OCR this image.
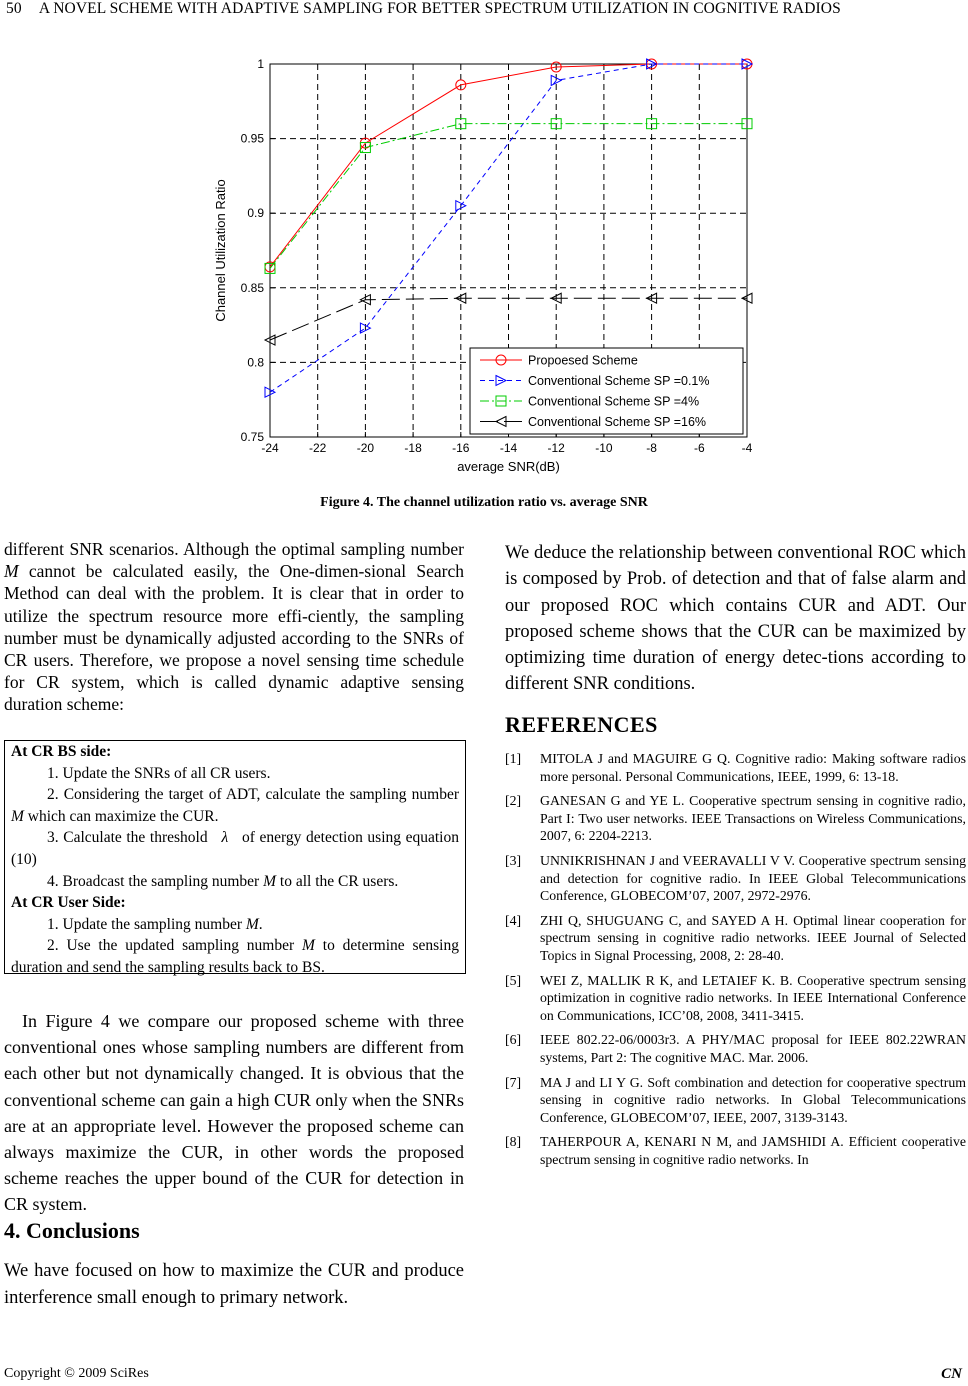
50 A NOVEL SCHEME WITH ADAPTIVE SAMPLING FOR BETTER SPECTRUM UTILIZATION IN COGNITIVE RADIOS
-24	-22	-20	-18	-16	-14	-12	-10	-8	-6	-4
0.75
0.8
0.85
0.9
0.95
1
average SNR(dB)
Channel Utilization Ratio
Propoesed Scheme
Conventional Scheme SP =0.1%
Conventional Scheme SP =4%
Conventional Scheme SP =16%
Figure 4. The channel utilization ratio vs. average SNR

different SNR scenarios. Although the optimal sampling number M cannot be calculated easily, the One-dimen-sional Search Method can deal with the problem. It is clear that in order to utilize the spectrum resource more effi-ciently, the sampling number must be dynamically adjusted according to the SNRs of CR users. Therefore, we propose a novel sensing time schedule for CR system, which is called dynamic adaptive sensing duration scheme:

At CR BS side:
1. Update the SNRs of all CR users.
2. Considering the target of ADT, calculate the sampling number M which can maximize the CUR.
3. Calculate the threshold λ of energy detection using equation (10)
4. Broadcast the sampling number M to all the CR users.
At CR User Side:
1. Update the sampling number M.
2. Use the updated sampling number M to determine sensing duration and send the sampling results back to BS.

In Figure 4 we compare our proposed scheme with three conventional ones whose sampling numbers are different from each other but not dynamically changed. It is obvious that the conventional scheme can gain a high CUR only when the SNRs are at an appropriate level. However the proposed scheme can always maximize the CUR, in other words the proposed scheme reaches the upper bound of the CUR for detection in CR system.

4. Conclusions

We have focused on how to maximize the CUR and produce interference small enough to primary network.

We deduce the relationship between conventional ROC which is composed by Prob. of detection and that of false alarm and our proposed ROC which contains CUR and ADT. Our proposed scheme shows that the CUR can be maximized by optimizing time duration of energy detec-tions according to different SNR conditions.

REFERENCES
[1]	MITOLA J and MAGUIRE G Q. Cognitive radio: Making software radios more personal. Personal Communications, IEEE, 1999, 6: 13-18.
[2]	GANESAN G and YE L. Cooperative spectrum sensing in cognitive radio, Part I: Two user networks. IEEE Transactions on Wireless Communications, 2007, 6: 2204-2213.
[3]	UNNIKRISHNAN J and VEERAVALLI V V. Cooperative spectrum sensing and detection for cognitive radio. In IEEE Global Telecommunications Conference, GLOBECOM’07, 2007, 2972-2976.
[4]	ZHI Q, SHUGUANG C, and SAYED A H. Optimal linear cooperation for spectrum sensing in cognitive radio networks. IEEE Journal of Selected Topics in Signal Processing, 2008, 2: 28-40.
[5]	WEI Z, MALLIK R K, and LETAIEF K. B. Cooperative spectrum sensing optimization in cognitive radio networks. In IEEE International Conference on Communications, ICC’08, 2008, 3411-3415.
[6]	IEEE 802.22-06/0003r3. A PHY/MAC proposal for IEEE 802.22WRAN systems, Part 2: The cognitive MAC. Mar. 2006.
[7]	MA J and LI Y G. Soft combination and detection for cooperative spectrum sensing in cognitive radio networks. In Global Telecommunications Conference, GLOBECOM’07, IEEE, 2007, 3139-3143.
[8]	TAHERPOUR A, KENARI N M, and JAMSHIDI A. Efficient cooperative spectrum sensing in cognitive radio networks. In
Copyright © 2009 SciRes	CN
